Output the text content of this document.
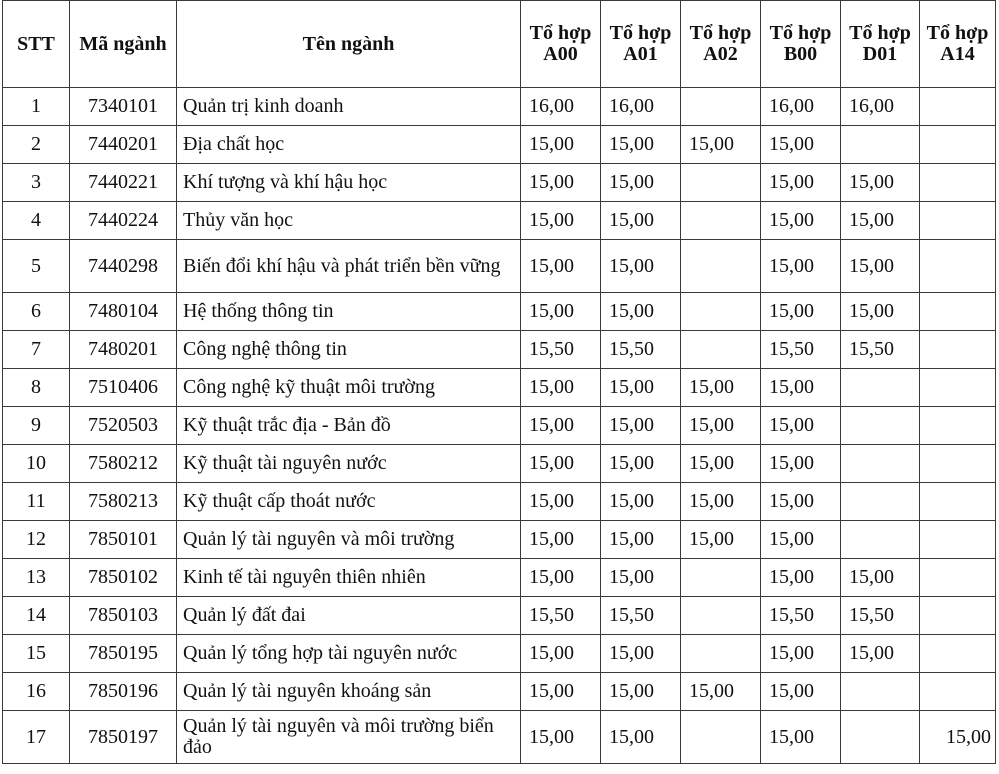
STT	Mã ngành	Tên ngành	Tổ hợp A00	Tổ hợp A01	Tổ hợp A02	Tổ hợp B00	Tổ hợp D01	Tổ hợp A14
1	7340101	Quản trị kinh doanh	16,00	16,00		16,00	16,00	
2	7440201	Địa chất học	15,00	15,00	15,00	15,00		
3	7440221	Khí tượng và khí hậu học	15,00	15,00		15,00	15,00	
4	7440224	Thủy văn học	15,00	15,00		15,00	15,00	
5	7440298	Biến đổi khí hậu và phát triển bền vững	15,00	15,00		15,00	15,00	
6	7480104	Hệ thống thông tin	15,00	15,00		15,00	15,00	
7	7480201	Công nghệ thông tin	15,50	15,50		15,50	15,50	
8	7510406	Công nghệ kỹ thuật môi trường	15,00	15,00	15,00	15,00		
9	7520503	Kỹ thuật trắc địa - Bản đồ	15,00	15,00	15,00	15,00		
10	7580212	Kỹ thuật tài nguyên nước	15,00	15,00	15,00	15,00		
11	7580213	Kỹ thuật cấp thoát nước	15,00	15,00	15,00	15,00		
12	7850101	Quản lý tài nguyên và môi trường	15,00	15,00	15,00	15,00		
13	7850102	Kinh tế tài nguyên thiên nhiên	15,00	15,00		15,00	15,00	
14	7850103	Quản lý đất đai	15,50	15,50		15,50	15,50	
15	7850195	Quản lý tổng hợp tài nguyên nước	15,00	15,00		15,00	15,00	
16	7850196	Quản lý tài nguyên khoáng sản	15,00	15,00	15,00	15,00		
17	7850197	Quản lý tài nguyên và môi trường biển đảo	15,00	15,00		15,00		15,00
